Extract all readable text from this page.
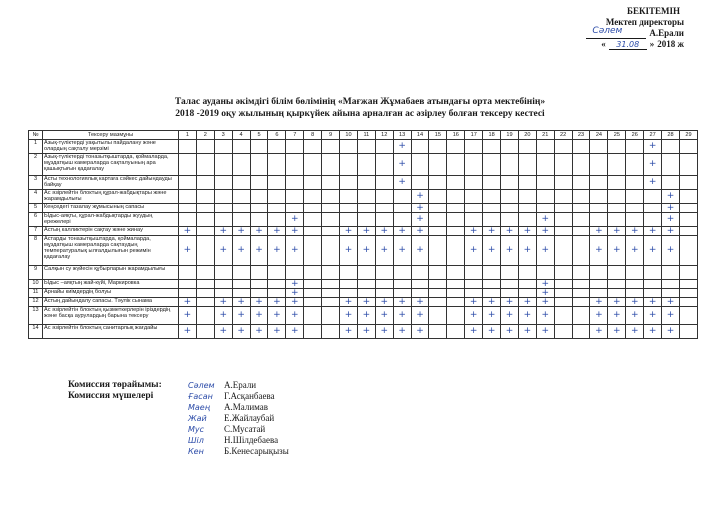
БЕКІТЕМІН
Мектеп директоры
Сәлем	А.Ерали
«	31.08	» 2018 ж
Талас ауданы әкімдігі білім бөлімінің «Мағжан Жұмабаев атындағы орта мектебінің»
2018 -2019 оқу жылының қыркүйек айына арналған ас әзірлеу болған тексеру кестесі
№	Тексеру мазмұны	1	2	3	4	5	6	7	8	9	10	11	12	13	14	15	16	17	18	19	20	21	22	23	24	25	26	27	28	29
1	Азық-түліктерді уақытылы пайдалану және олардың сақталу мерзімі													+														+		
2	Азық-түліктерді тоназытқыштарда, қоймаларда, мұздатқыш камераларда сақталуының ара қашықтығын қадағалау													+														+		
3	Асты технологиялық картаға сәйкес дайындауды байқау													+														+		
4	Ас әзірлейтін блоктың құрал-жабдықтары және жарамдылығы														+														+	
5	Кеңседегі тазалау жұмысының сапасы														+														+	
6	Ыдыс-аяқты, құрал-жабдықтарды жуудың ережелері							+							+							+							+	
7	Астың калликтерін сақтау және жинау	+		+	+	+	+	+			+	+	+	+	+			+	+	+	+	+			+	+	+	+	+	
8	Астарды тоназытқыштарда, қоймаларда, мұздатқыш камераларда сақтаудың температуралық ылғалдылығын режимін қадағалау	+		+	+	+	+	+			+	+	+	+	+			+	+	+	+	+			+	+	+	+	+	
9	Салқын су жүйесін құбырларын жарамдылығы																													
10	Ыдыс –аяқтың жай-күйі, Маркировка							+														+								
11	Арнайы киімдердің болуы							+														+								
12	Астың дайындалу сапасы. Тәулік сынама	+		+	+	+	+	+			+	+	+	+	+			+	+	+	+	+			+	+	+	+	+	
13	Ас әзірлейтін блоктың қызметкерлерін іріздердің және басқа аурулардың барына тексеру	+		+	+	+	+	+			+	+	+	+	+			+	+	+	+	+			+	+	+	+	+	
14	Ас әзірлейтін блоктың санитарлық жағдайы	+		+	+	+	+	+			+	+	+	+	+			+	+	+	+	+			+	+	+	+	+	
Комиссия төрайымы:
Комиссия мүшелері
Сәлем	А.Ерали
Ғасан	Г.Асқанбаева
Маең	А.Малимав
Жай	Е.Жайлаубай
Мус	С.Мусатай
Шіл	Н.Шілдебаева
Кен	Б.Кенесарықызы
